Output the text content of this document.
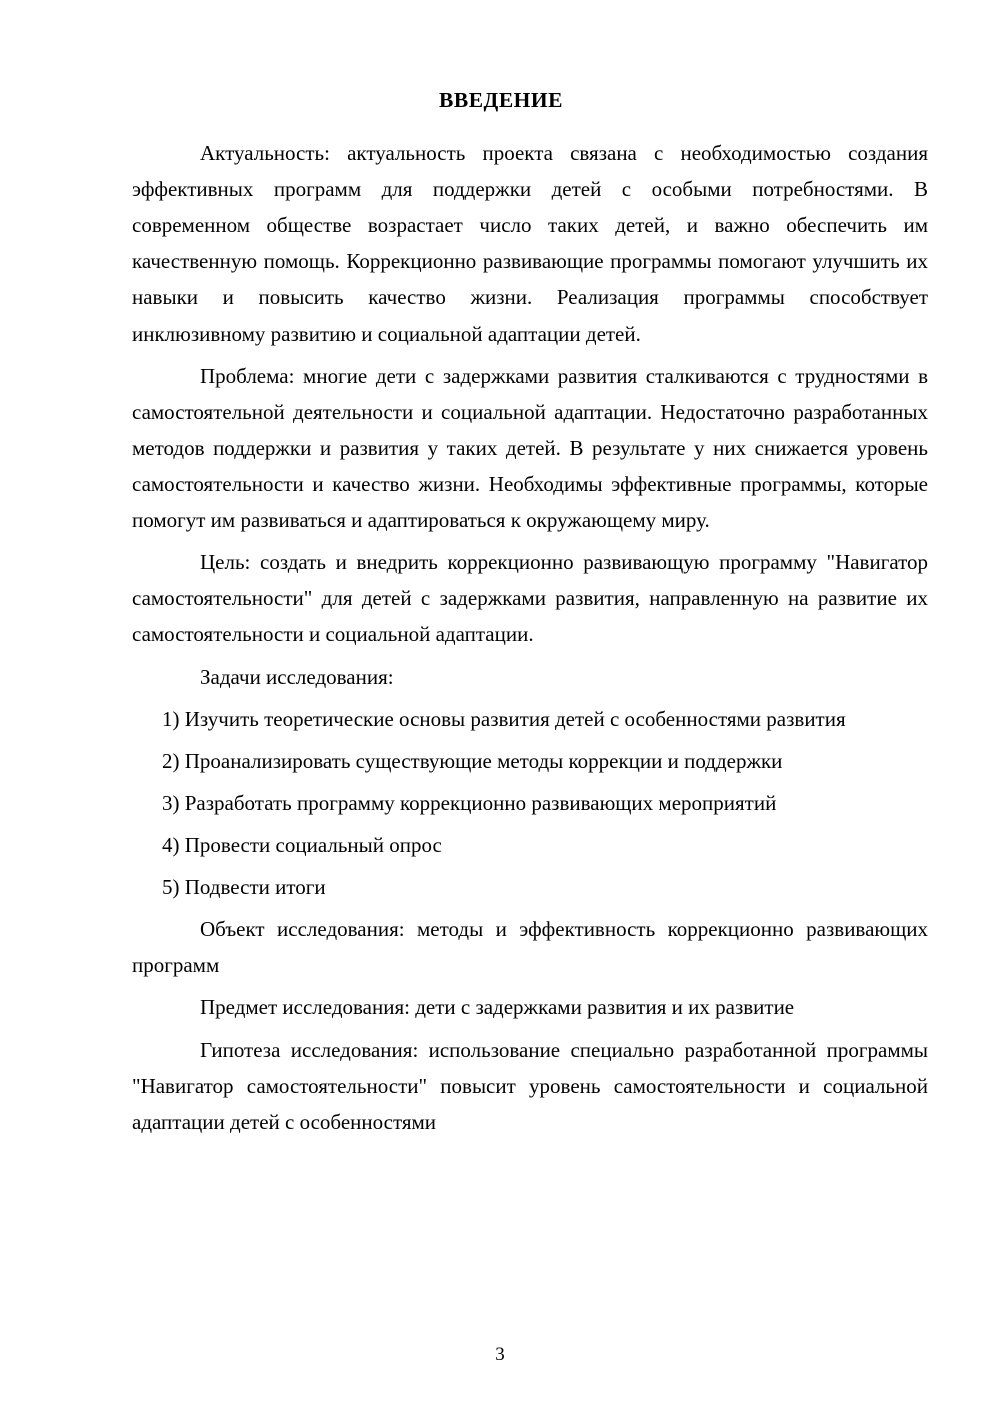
ВВЕДЕНИЕ

Актуальность: актуальность проекта связана с необходимостью создания эффективных программ для поддержки детей с особыми потребностями. В современном обществе возрастает число таких детей, и важно обеспечить им качественную помощь. Коррекционно развивающие программы помогают улучшить их навыки и повысить качество жизни. Реализация программы способствует инклюзивному развитию и социальной адаптации детей.

Проблема: многие дети с задержками развития сталкиваются с трудностями в самостоятельной деятельности и социальной адаптации. Недостаточно разработанных методов поддержки и развития у таких детей. В результате у них снижается уровень самостоятельности и качество жизни. Необходимы эффективные программы, которые помогут им развиваться и адаптироваться к окружающему миру.

Цель: создать и внедрить коррекционно развивающую программу "Навигатор самостоятельности" для детей с задержками развития, направленную на развитие их самостоятельности и социальной адаптации.

Задачи исследования:

1) Изучить теоретические основы развития детей с особенностями развития

2) Проанализировать существующие методы коррекции и поддержки

3) Разработать программу коррекционно развивающих мероприятий

4) Провести социальный опрос

5) Подвести итоги

Объект исследования: методы и эффективность коррекционно развивающих программ

Предмет исследования: дети с задержками развития и их развитие

Гипотеза исследования: использование специально разработанной программы "Навигатор самостоятельности" повысит уровень самостоятельности и социальной адаптации детей с особенностями

3
